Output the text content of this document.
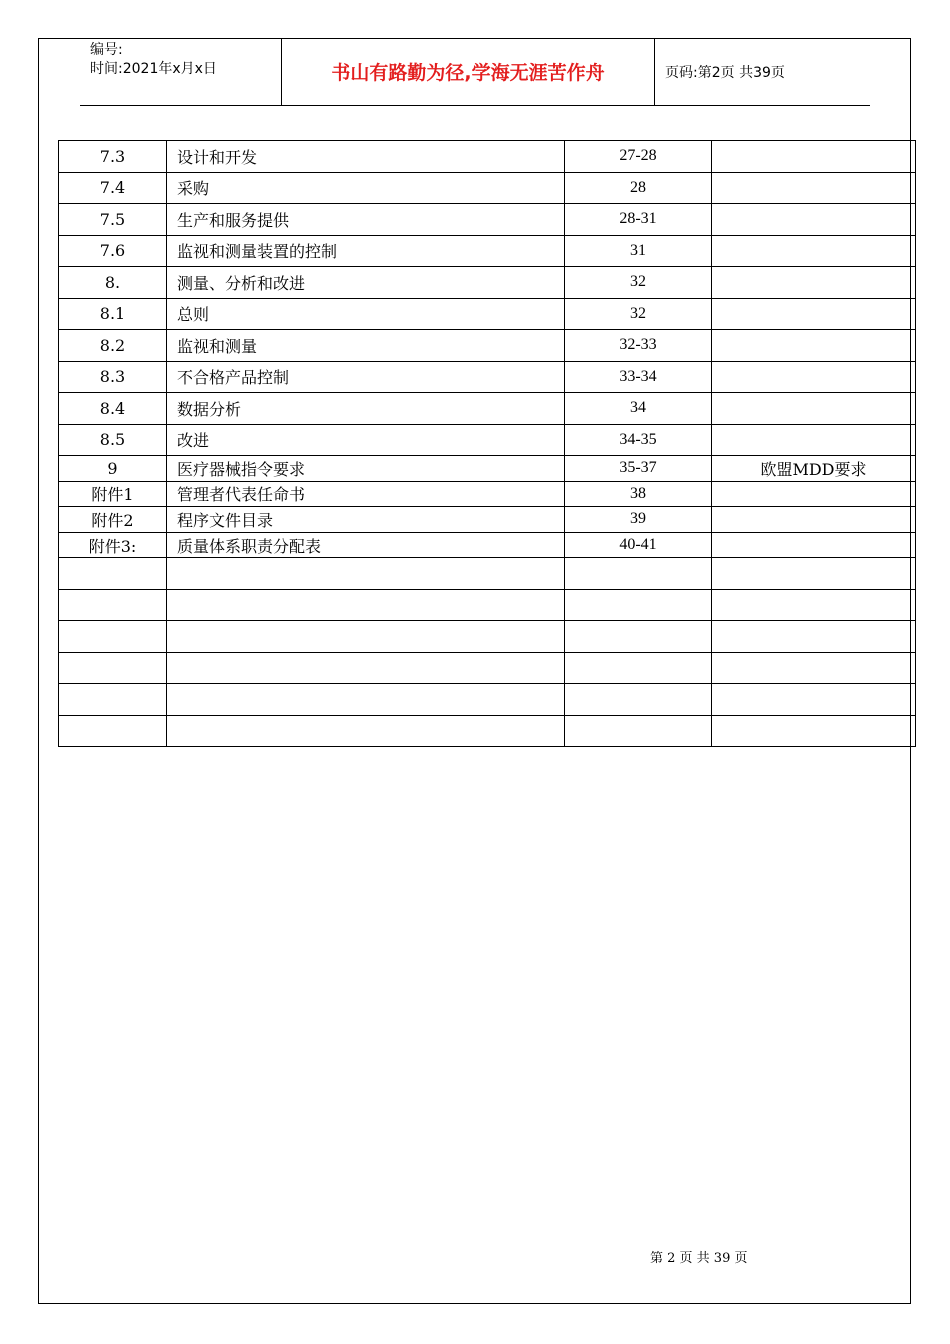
编号:
时间:2021年x月x日	书山有路勤为径,学海无涯苦作舟	页码:第2页 共39页
7.3	设计和开发	27-28	
7.4	采购	28	
7.5	生产和服务提供	28-31	
7.6	监视和测量装置的控制	31	
8.	测量、分析和改进	32	
8.1	总则	32	
8.2	监视和测量	32-33	
8.3	不合格产品控制	33-34	
8.4	数据分析	34	
8.5	改进	34-35	
9	医疗器械指令要求	35-37	欧盟MDD要求
附件1	管理者代表任命书	38	
附件2	程序文件目录	39	
附件3:	质量体系职责分配表	40-41	

第 2 页 共 39 页
